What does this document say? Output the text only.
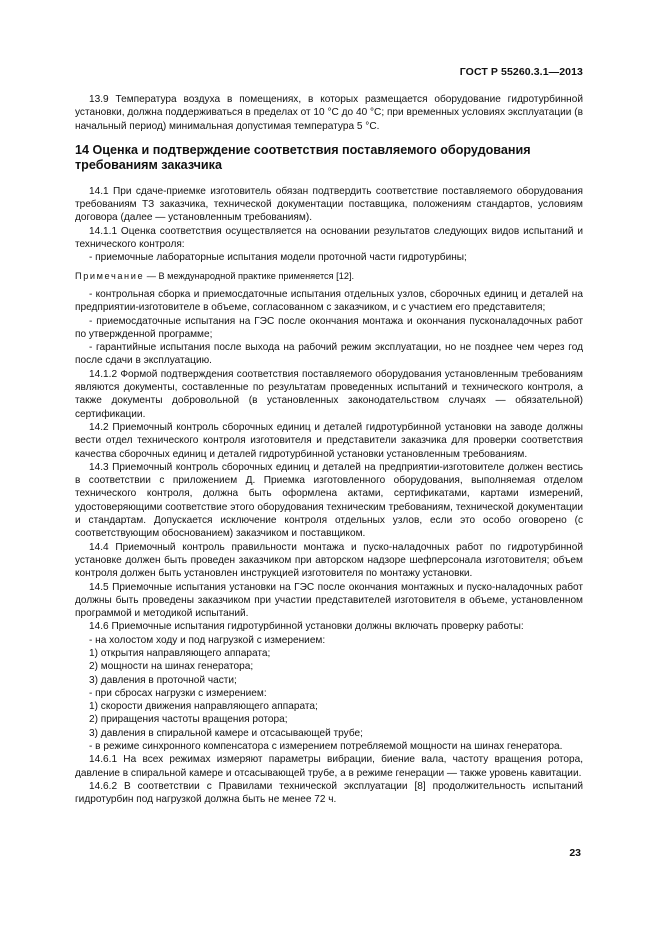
ГОСТ Р 55260.3.1—2013

13.9 Температура воздуха в помещениях, в которых размещается оборудование гидротурбинной установки, должна поддерживаться в пределах от 10 °C до 40 °C; при временных условиях эксплуатации (в начальный период) минимальная допустимая температура 5 °C.

14 Оценка и подтверждение соответствия поставляемого оборудования требованиям заказчика

14.1 При сдаче-приемке изготовитель обязан подтвердить соответствие поставляемого оборудования требованиям ТЗ заказчика, технической документации поставщика, положениям стандартов, условиям договора (далее — установленным требованиям).

14.1.1 Оценка соответствия осуществляется на основании результатов следующих видов испытаний и технического контроля:

- приемочные лабораторные испытания модели проточной части гидротурбины;

Примечание — В международной практике применяется [12].

- контрольная сборка и приемосдаточные испытания отдельных узлов, сборочных единиц и деталей на предприятии-изготовителе в объеме, согласованном с заказчиком, и с участием его представителя;

- приемосдаточные испытания на ГЭС после окончания монтажа и окончания пусконаладочных работ по утвержденной программе;

- гарантийные испытания после выхода на рабочий режим эксплуатации, но не позднее чем через год после сдачи в эксплуатацию.

14.1.2 Формой подтверждения соответствия поставляемого оборудования установленным требованиям являются документы, составленные по результатам проведенных испытаний и технического контроля, а также документы добровольной (в установленных законодательством случаях — обязательной) сертификации.

14.2 Приемочный контроль сборочных единиц и деталей гидротурбинной установки на заводе должны вести отдел технического контроля изготовителя и представители заказчика для проверки соответствия качества сборочных единиц и деталей гидротурбинной установки установленным требованиям.

14.3 Приемочный контроль сборочных единиц и деталей на предприятии-изготовителе должен вестись в соответствии с приложением Д. Приемка изготовленного оборудования, выполняемая отделом технического контроля, должна быть оформлена актами, сертификатами, картами измерений, удостоверяющими соответствие этого оборудования техническим требованиям, технической документации и стандартам. Допускается исключение контроля отдельных узлов, если это особо оговорено (с соответствующим обоснованием) заказчиком и поставщиком.

14.4 Приемочный контроль правильности монтажа и пуско-наладочных работ по гидротурбинной установке должен быть проведен заказчиком при авторском надзоре шефперсонала изготовителя; объем контроля должен быть установлен инструкцией изготовителя по монтажу установки.

14.5 Приемочные испытания установки на ГЭС после окончания монтажных и пуско-наладочных работ должны быть проведены заказчиком при участии представителей изготовителя в объеме, установленном программой и методикой испытаний.

14.6 Приемочные испытания гидротурбинной установки должны включать проверку работы:

- на холостом ходу и под нагрузкой с измерением:

1) открытия направляющего аппарата;

2) мощности на шинах генератора;

3) давления в проточной части;

- при сбросах нагрузки с измерением:

1) скорости движения направляющего аппарата;

2) приращения частоты вращения ротора;

3) давления в спиральной камере и отсасывающей трубе;

- в режиме синхронного компенсатора с измерением потребляемой мощности на шинах генератора.

14.6.1 На всех режимах измеряют параметры вибрации, биение вала, частоту вращения ротора, давление в спиральной камере и отсасывающей трубе, а в режиме генерации — также уровень кавитации.

14.6.2 В соответствии с Правилами технической эксплуатации [8] продолжительность испытаний гидротурбин под нагрузкой должна быть не менее 72 ч.

23
